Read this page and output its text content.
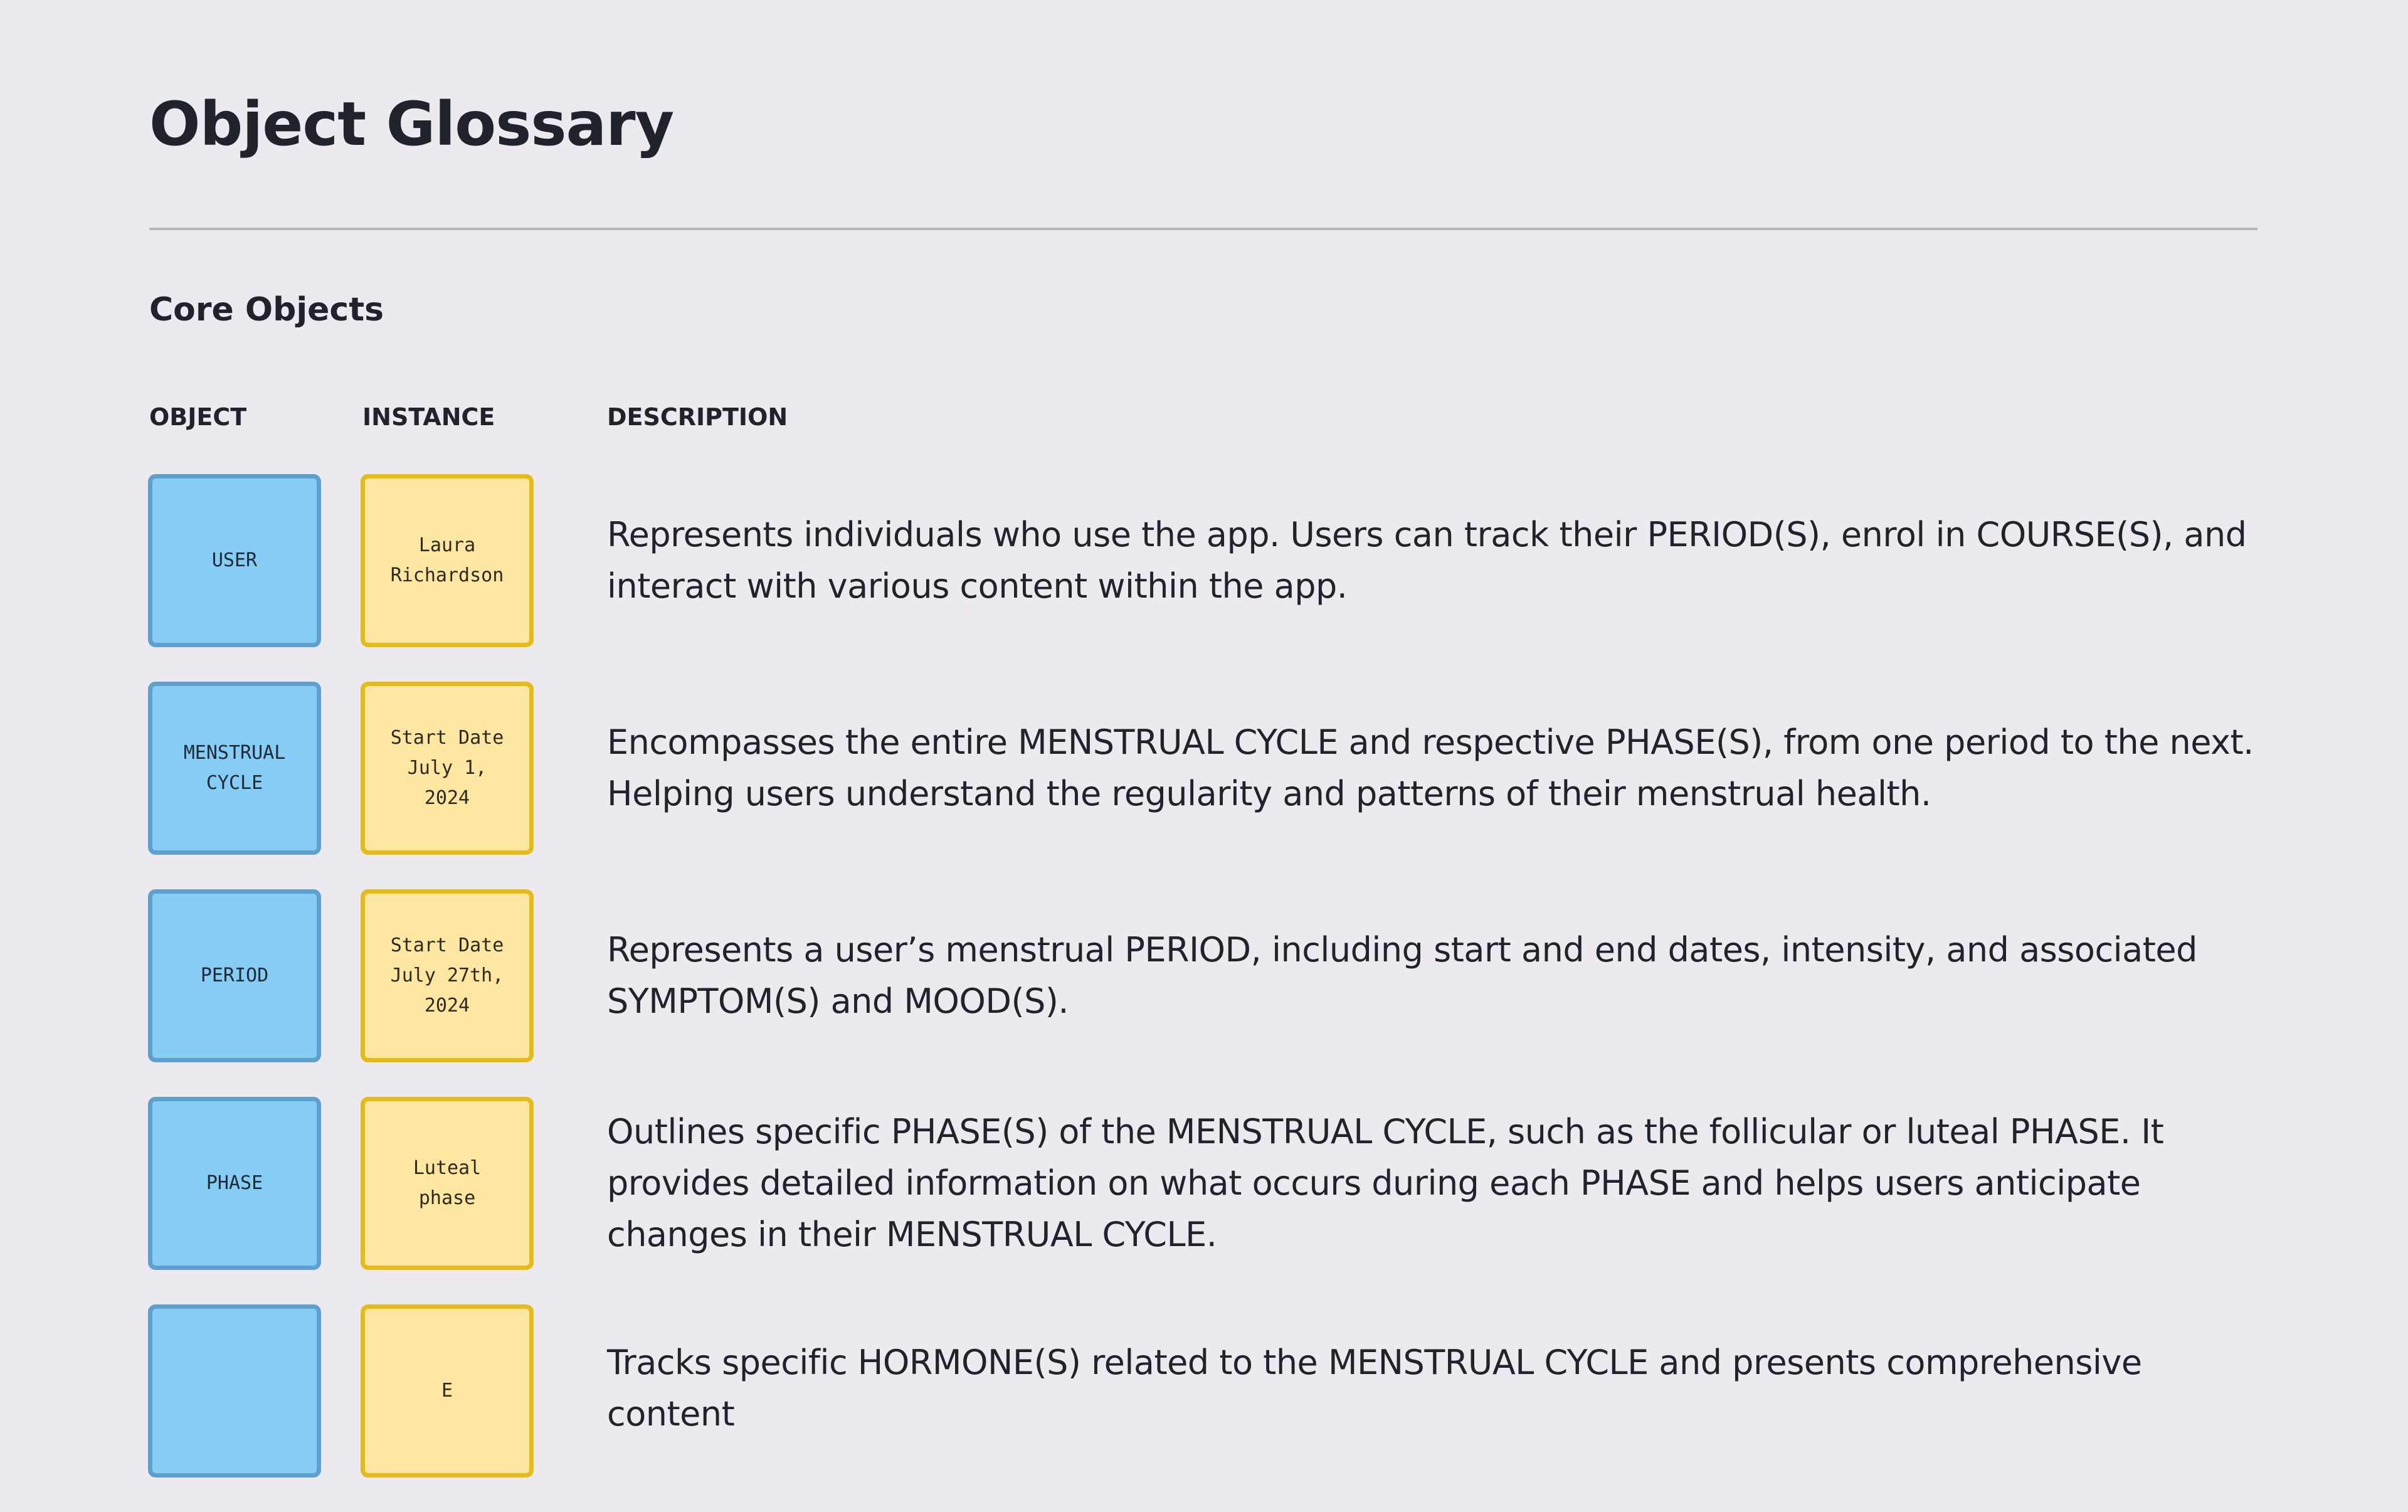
Object Glossary
Core Objects
OBJECT	INSTANCE	DESCRIPTION
USER
Laura
Richardson
Represents individuals who use the app. Users can track their PERIOD(S), enrol in COURSE(S), and interact with various content within the app.
MENSTRUAL
CYCLE
Start Date
July 1,
2024
Encompasses the entire MENSTRUAL CYCLE and respective PHASE(S), from one period to the next. Helping users understand the regularity and patterns of their menstrual health.
PERIOD
Start Date
July 27th,
2024
Represents a user’s menstrual PERIOD, including start and end dates, intensity, and associated SYMPTOM(S) and MOOD(S).
PHASE
Luteal
phase
Outlines specific PHASE(S) of the MENSTRUAL CYCLE, such as the follicular or luteal PHASE. It provides detailed information on what occurs during each PHASE and helps users anticipate changes in their MENSTRUAL CYCLE.
E
Tracks specific HORMONE(S) related to the MENSTRUAL CYCLE and presents comprehensive content
